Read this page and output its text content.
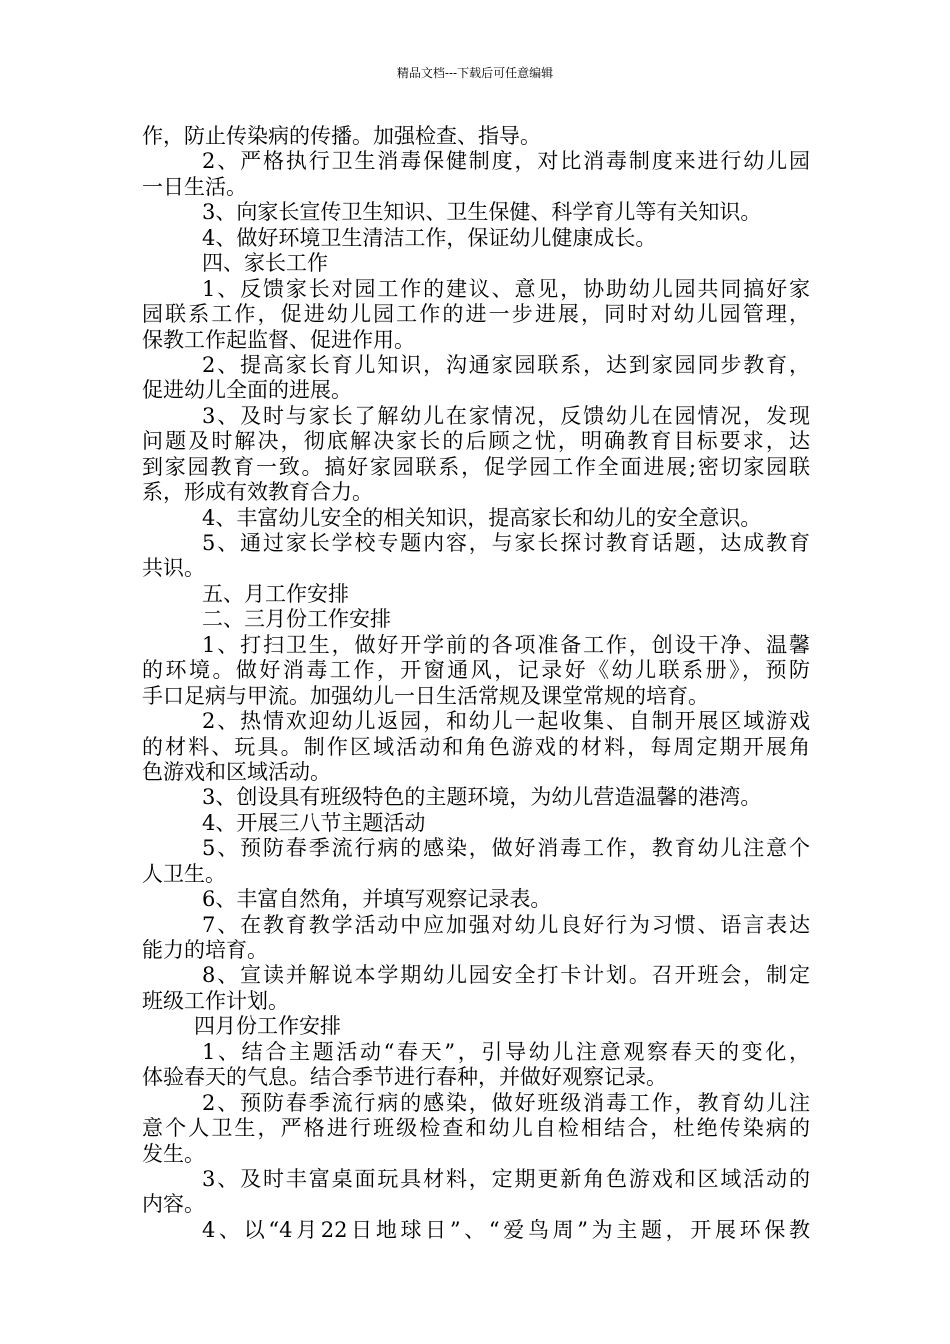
精品文档---下载后可任意编辑
作，防止传染病的传播。加强检查、指导。
2、严格执行卫生消毒保健制度，对比消毒制度来进行幼儿园
一日生活。
3、向家长宣传卫生知识、卫生保健、科学育儿等有关知识。
4、做好环境卫生清洁工作，保证幼儿健康成长。
四、家长工作
1、反馈家长对园工作的建议、意见，协助幼儿园共同搞好家
园联系工作，促进幼儿园工作的进一步进展，同时对幼儿园管理，
保教工作起监督、促进作用。
2、提高家长育儿知识，沟通家园联系，达到家园同步教育，
促进幼儿全面的进展。
3、及时与家长了解幼儿在家情况，反馈幼儿在园情况，发现
问题及时解决，彻底解决家长的后顾之忧，明确教育目标要求，达
到家园教育一致。搞好家园联系，促学园工作全面进展;密切家园联
系，形成有效教育合力。
4、丰富幼儿安全的相关知识，提高家长和幼儿的安全意识。
5、通过家长学校专题内容，与家长探讨教育话题，达成教育
共识。
五、月工作安排
二、三月份工作安排
1、打扫卫生，做好开学前的各项准备工作，创设干净、温馨
的环境。做好消毒工作，开窗通风，记录好《幼儿联系册》，预防
手口足病与甲流。加强幼儿一日生活常规及课堂常规的培育。
2、热情欢迎幼儿返园，和幼儿一起收集、自制开展区域游戏
的材料、玩具。制作区域活动和角色游戏的材料，每周定期开展角
色游戏和区域活动。
3、创设具有班级特色的主题环境，为幼儿营造温馨的港湾。
4、开展三八节主题活动
5、预防春季流行病的感染，做好消毒工作，教育幼儿注意个
人卫生。
6、丰富自然角，并填写观察记录表。
7、在教育教学活动中应加强对幼儿良好行为习惯、语言表达
能力的培育。
8、宣读并解说本学期幼儿园安全打卡计划。召开班会，制定
班级工作计划。
四月份工作安排
1、结合主题活动“春天”，引导幼儿注意观察春天的变化，
体验春天的气息。结合季节进行春种，并做好观察记录。
2、预防春季流行病的感染，做好班级消毒工作，教育幼儿注
意个人卫生，严格进行班级检查和幼儿自检相结合，杜绝传染病的
发生。
3、及时丰富桌面玩具材料，定期更新角色游戏和区域活动的
内容。
4、以“4月22日地球日”、“爱鸟周”为主题，开展环保教
